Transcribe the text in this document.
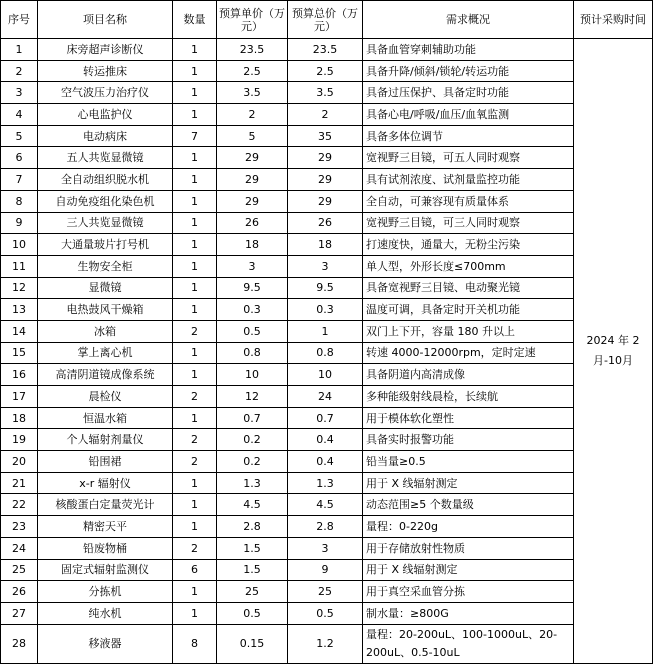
序号	项目名称	数量	预算单价（万元）	预算总价（万元）	需求概况	预计采购时间
1	床旁超声诊断仪	1	23.5	23.5	具备血管穿刺辅助功能	2024 年 2月-10月
2	转运推床	1	2.5	2.5	具备升降/倾斜/锁轮/转运功能	
3	空气波压力治疗仪	1	3.5	3.5	具备过压保护、具备定时功能	
4	心电监护仪	1	2	2	具备心电/呼吸/血压/血氧监测	
5	电动病床	7	5	35	具备多体位调节	
6	五人共览显微镜	1	29	29	宽视野三目镜，可五人同时观察	
7	全自动组织脱水机	1	29	29	具有试剂浓度、试剂量监控功能	
8	自动免疫组化染色机	1	29	29	全自动，可兼容现有质量体系	
9	三人共览显微镜	1	26	26	宽视野三目镜，可三人同时观察	
10	大通量玻片打号机	1	18	18	打速度快，通量大，无粉尘污染	
11	生物安全柜	1	3	3	单人型，外形长度≤700mm	
12	显微镜	1	9.5	9.5	具备宽视野三目镜、电动聚光镜	
13	电热鼓风干燥箱	1	0.3	0.3	温度可调，具备定时开关机功能	
14	冰箱	2	0.5	1	双门上下开，容量 180 升以上	
15	掌上离心机	1	0.8	0.8	转速 4000-12000rpm，定时定速	
16	高清阴道镜成像系统	1	10	10	具备阴道内高清成像	
17	晨检仪	2	12	24	多种能级射线晨检，长续航	
18	恒温水箱	1	0.7	0.7	用于模体软化塑性	
19	个人辐射剂量仪	2	0.2	0.4	具备实时报警功能	
20	铅围裙	2	0.2	0.4	铅当量≥0.5	
21	x-r 辐射仪	1	1.3	1.3	用于 X 线辐射测定	
22	核酸蛋白定量荧光计	1	4.5	4.5	动态范围≥5 个数量级	
23	精密天平	1	2.8	2.8	量程：0-220g	
24	铅废物桶	2	1.5	3	用于存储放射性物质	
25	固定式辐射监测仪	6	1.5	9	用于 X 线辐射测定	
26	分拣机	1	25	25	用于真空采血管分拣	
27	纯水机	1	0.5	0.5	制水量：≥800G	
28	移液器	8	0.15	1.2	量程：20-200uL、100-1000uL、20-200uL、0.5-10uL	
